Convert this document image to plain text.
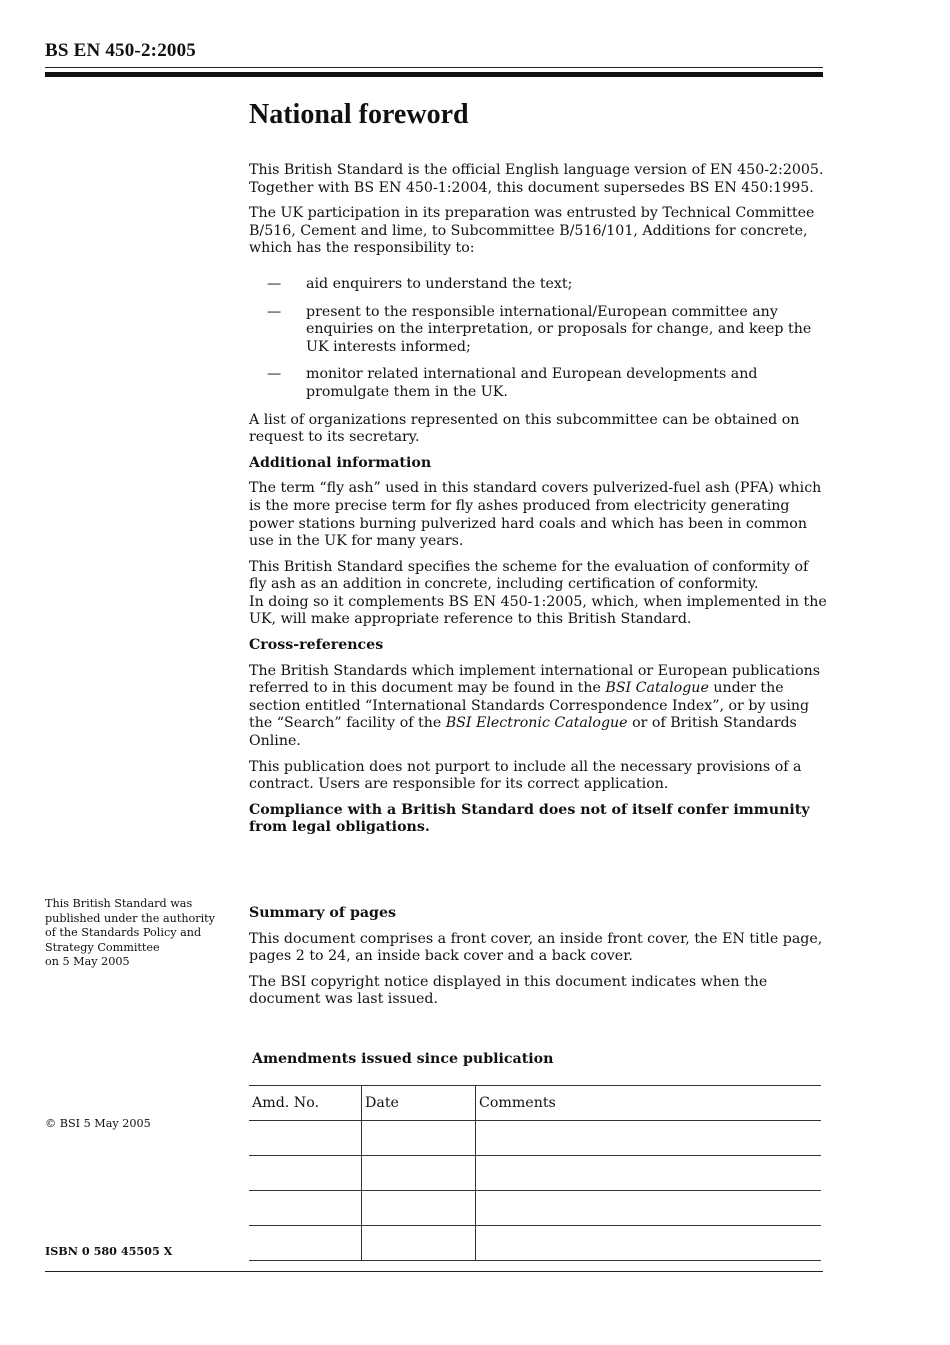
BS EN 450-2:2005
National foreword

This British Standard is the official English language version of EN 450-2:2005. Together with BS EN 450-1:2004, this document supersedes BS EN 450:1995.

The UK participation in its preparation was entrusted by Technical Committee B/516, Cement and lime, to Subcommittee B/516/101, Additions for concrete, which has the responsibility to:

— aid enquirers to understand the text;
— present to the responsible international/European committee any enquiries on the interpretation, or proposals for change, and keep the UK interests informed;
— monitor related international and European developments and promulgate them in the UK.

A list of organizations represented on this subcommittee can be obtained on request to its secretary.

Additional information

The term “fly ash” used in this standard covers pulverized-fuel ash (PFA) which is the more precise term for fly ashes produced from electricity generating power stations burning pulverized hard coals and which has been in common use in the UK for many years.

This British Standard specifies the scheme for the evaluation of conformity of fly ash as an addition in concrete, including certification of conformity.
In doing so it complements BS EN 450-1:2005, which, when implemented in the UK, will make appropriate reference to this British Standard.

Cross-references

The British Standards which implement international or European publications referred to in this document may be found in the BSI Catalogue under the section entitled “International Standards Correspondence Index”, or by using the “Search” facility of the BSI Electronic Catalogue or of British Standards Online.

This publication does not purport to include all the necessary provisions of a contract. Users are responsible for its correct application.

Compliance with a British Standard does not of itself confer immunity from legal obligations.

This British Standard was
published under the authority
of the Standards Policy and
Strategy Committee
on 5 May 2005

Summary of pages

This document comprises a front cover, an inside front cover, the EN title page, pages 2 to 24, an inside back cover and a back cover.

The BSI copyright notice displayed in this document indicates when the document was last issued.

Amendments issued since publication
Amd. No.	Date	Comments

© BSI 5 May 2005
ISBN 0 580 45505 X
